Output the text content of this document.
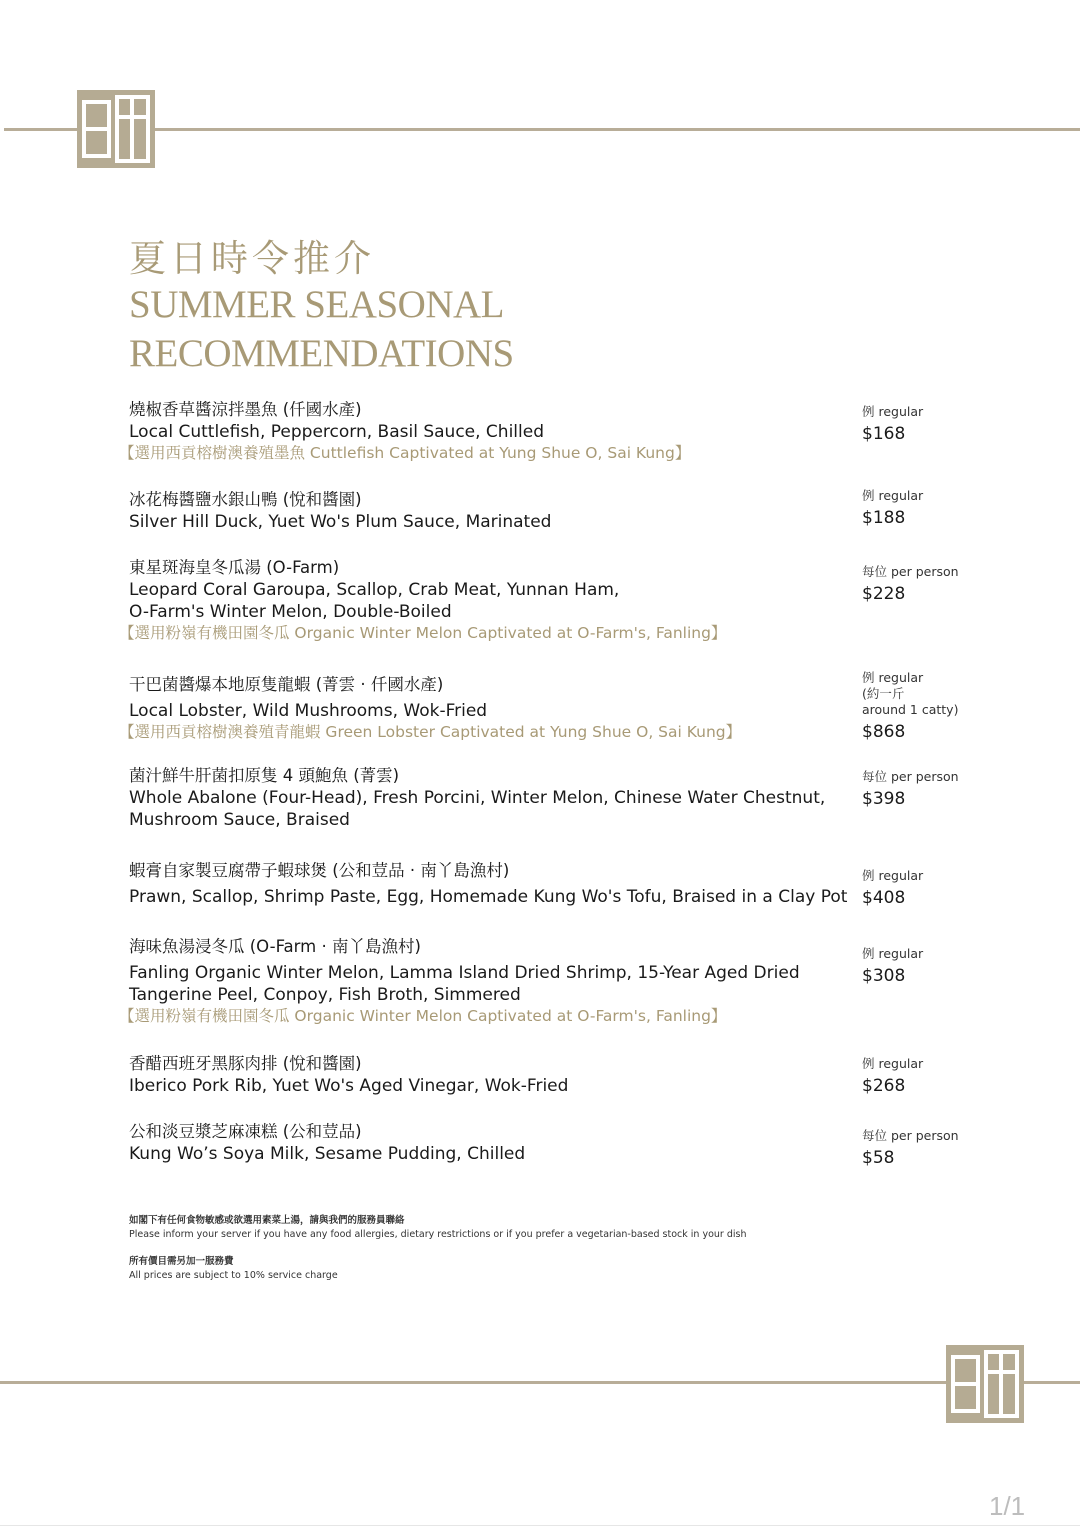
夏日時令推介
SUMMER SEASONAL
RECOMMENDATIONS
燒椒香草醬涼拌墨魚 (仟國水產)
Local Cuttlefish, Peppercorn, Basil Sauce, Chilled
【選用西貢榕樹澳養殖墨魚 Cuttlefish Captivated at Yung Shue O, Sai Kung】
例 regular
$168
冰花梅醬鹽水銀山鴨 (悅和醬園)
Silver Hill Duck, Yuet Wo's Plum Sauce, Marinated
例 regular
$188
東星斑海皇冬瓜湯 (O-Farm)
Leopard Coral Garoupa, Scallop, Crab Meat, Yunnan Ham,
O-Farm's Winter Melon, Double-Boiled
【選用粉嶺有機田園冬瓜 Organic Winter Melon Captivated at O-Farm's, Fanling】
每位 per person
$228
干巴菌醬爆本地原隻龍蝦 (菁雲 · 仟國水產)
Local Lobster, Wild Mushrooms, Wok-Fried
【選用西貢榕樹澳養殖青龍蝦 Green Lobster Captivated at Yung Shue O, Sai Kung】
例 regular
(約一斤
around 1 catty)
$868
菌汁鮮牛肝菌扣原隻 4 頭鮑魚 (菁雲)
Whole Abalone (Four-Head), Fresh Porcini, Winter Melon, Chinese Water Chestnut,
Mushroom Sauce, Braised
每位 per person
$398
蝦膏自家製豆腐帶子蝦球煲 (公和荳品 · 南丫島漁村)
Prawn, Scallop, Shrimp Paste, Egg, Homemade Kung Wo's Tofu, Braised in a Clay Pot
例 regular
$408
海味魚湯浸冬瓜 (O-Farm · 南丫島漁村)
Fanling Organic Winter Melon, Lamma Island Dried Shrimp, 15-Year Aged Dried
Tangerine Peel, Conpoy, Fish Broth, Simmered
【選用粉嶺有機田園冬瓜 Organic Winter Melon Captivated at O-Farm's, Fanling】
例 regular
$308
香醋西班牙黑豚肉排 (悅和醬園)
Iberico Pork Rib, Yuet Wo's Aged Vinegar, Wok-Fried
例 regular
$268
公和淡豆漿芝麻凍糕 (公和荳品)
Kung Wo’s Soya Milk, Sesame Pudding, Chilled
每位 per person
$58
如閣下有任何食物敏感或欲選用素菜上湯，請與我們的服務員聯絡
Please inform your server if you have any food allergies, dietary restrictions or if you prefer a vegetarian-based stock in your dish
所有價目需另加一服務費
All prices are subject to 10% service charge
1/1
